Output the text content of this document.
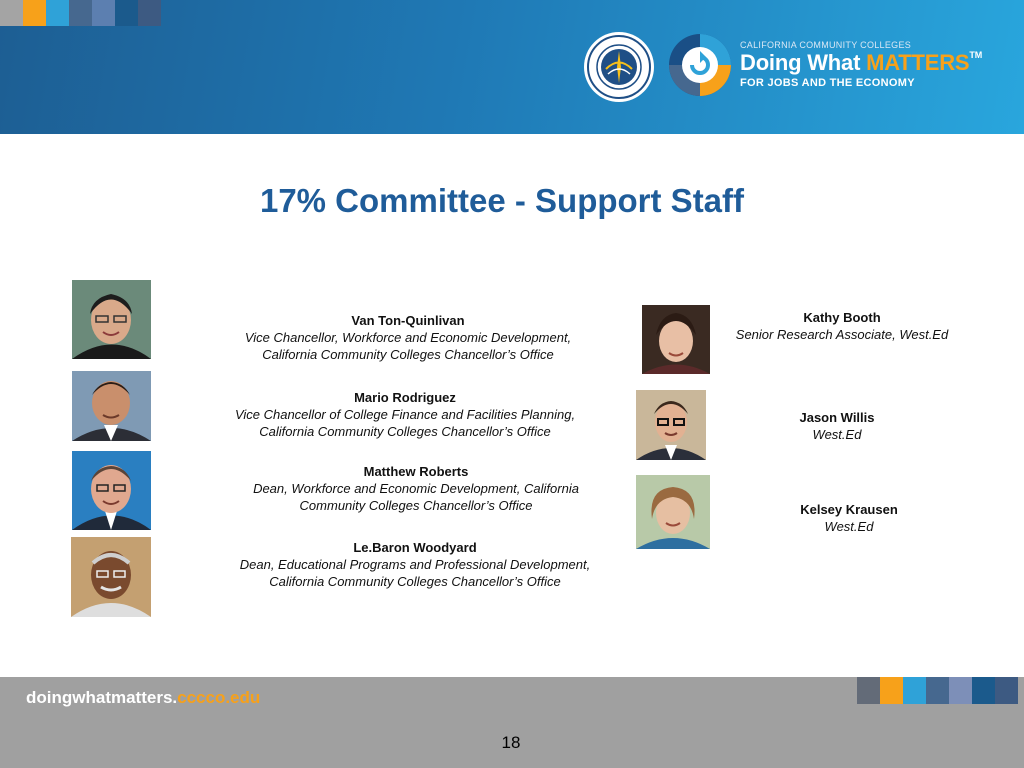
CALIFORNIA COMMUNITY COLLEGES
Doing What MATTERS™
FOR JOBS AND THE ECONOMY
17% Committee - Support Staff
Van Ton-Quinlivan
Vice Chancellor, Workforce and Economic Development,
California Community Colleges Chancellor’s Office
Mario Rodriguez
Vice Chancellor of College Finance and Facilities Planning,
California Community Colleges Chancellor’s Office
Matthew Roberts
Dean, Workforce and Economic Development, California
Community Colleges Chancellor’s Office
Le.Baron Woodyard
Dean, Educational Programs and Professional Development,
California Community Colleges Chancellor’s Office
Kathy Booth
Senior Research Associate, West.Ed
Jason Willis
West.Ed
Kelsey Krausen
West.Ed
doingwhatmatters.cccco.edu
18
